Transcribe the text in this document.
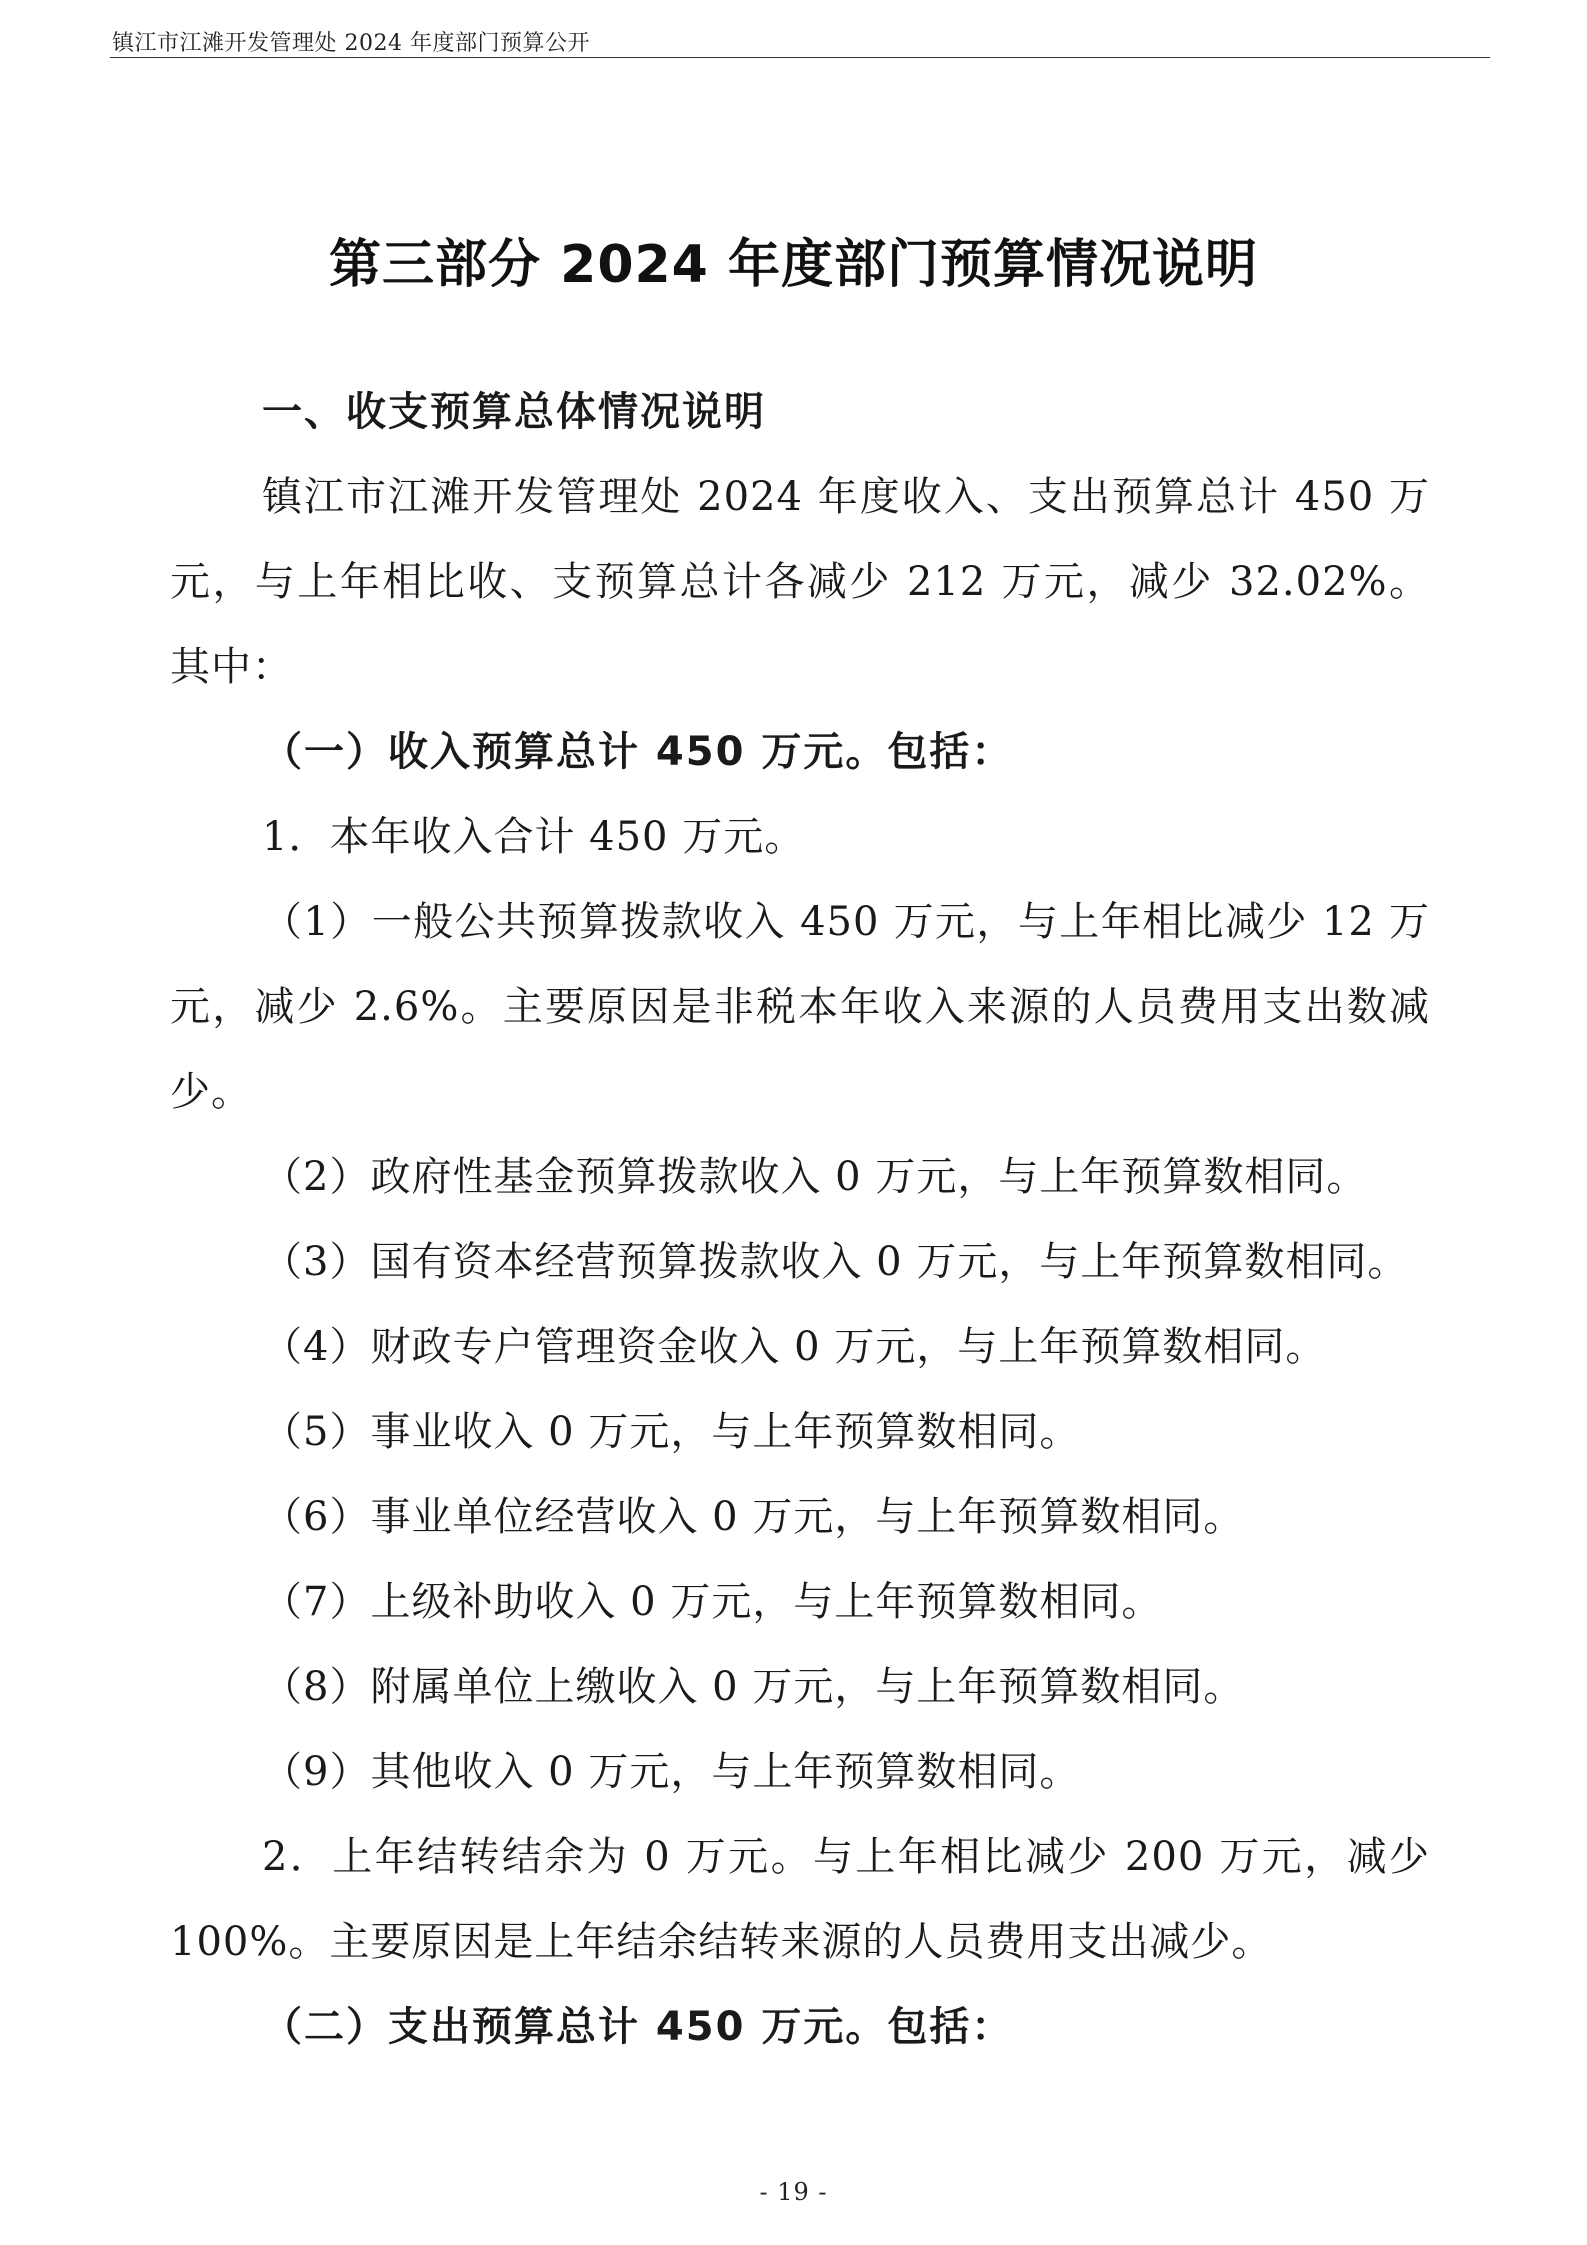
镇江市江滩开发管理处 2024 年度部门预算公开
第三部分 2024 年度部门预算情况说明

一、收支预算总体情况说明

镇江市江滩开发管理处 2024 年度收入、支出预算总计 450 万元，与上年相比收、支预算总计各减少 212 万元，减少 32.02%。其中：

（一）收入预算总计 450 万元。包括：

1．本年收入合计 450 万元。

（1）一般公共预算拨款收入 450 万元，与上年相比减少 12 万元，减少 2.6%。主要原因是非税本年收入来源的人员费用支出数减少。

（2）政府性基金预算拨款收入 0 万元，与上年预算数相同。

（3）国有资本经营预算拨款收入 0 万元，与上年预算数相同。

（4）财政专户管理资金收入 0 万元，与上年预算数相同。

（5）事业收入 0 万元，与上年预算数相同。

（6）事业单位经营收入 0 万元，与上年预算数相同。

（7）上级补助收入 0 万元，与上年预算数相同。

（8）附属单位上缴收入 0 万元，与上年预算数相同。

（9）其他收入 0 万元，与上年预算数相同。

2．上年结转结余为 0 万元。与上年相比减少 200 万元，减少 100%。主要原因是上年结余结转来源的人员费用支出减少。

（二）支出预算总计 450 万元。包括：

- 19 -
